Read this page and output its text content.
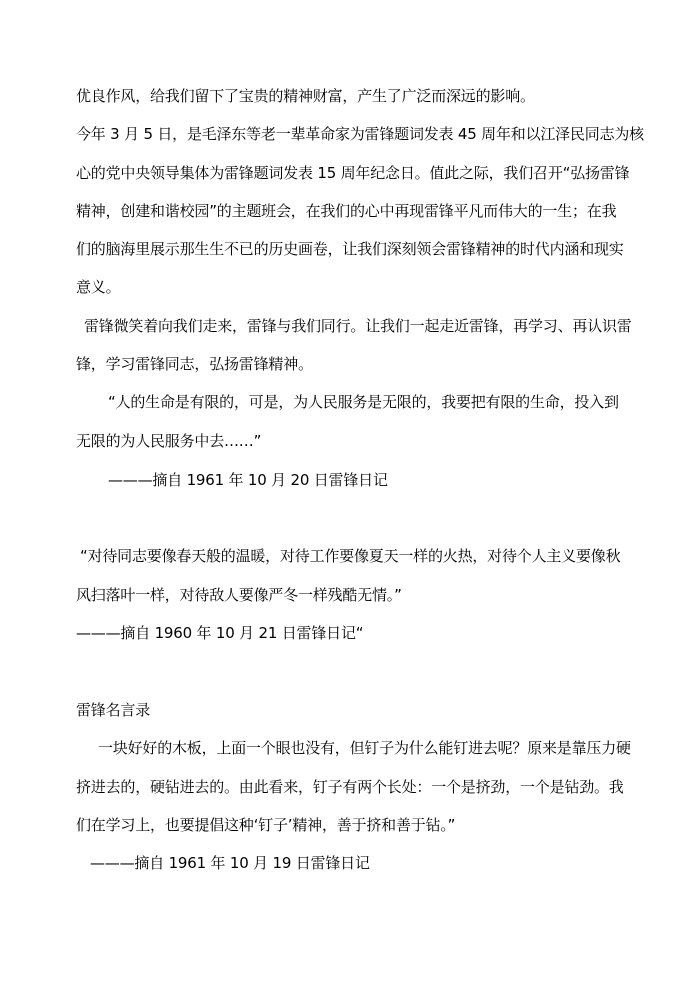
优良作风，给我们留下了宝贵的精神财富，产生了广泛而深远的影响。
今年 3 月 5 日，是毛泽东等老一辈革命家为雷锋题词发表 45 周年和以江泽民同志为核
心的党中央领导集体为雷锋题词发表 15 周年纪念日。值此之际，我们召开“弘扬雷锋
精神，创建和谐校园”的主题班会，在我们的心中再现雷锋平凡而伟大的一生；在我
们的脑海里展示那生生不已的历史画卷，让我们深刻领会雷锋精神的时代内涵和现实
意义。
雷锋微笑着向我们走来，雷锋与我们同行。让我们一起走近雷锋，再学习、再认识雷
锋，学习雷锋同志，弘扬雷锋精神。
“人的生命是有限的，可是，为人民服务是无限的，我要把有限的生命，投入到
无限的为人民服务中去……”
———摘自 1961 年 10 月 20 日雷锋日记
“对待同志要像春天般的温暖，对待工作要像夏天一样的火热，对待个人主义要像秋
风扫落叶一样，对待敌人要像严冬一样残酷无情。”
———摘自 1960 年 10 月 21 日雷锋日记“
雷锋名言录
一块好好的木板，上面一个眼也没有，但钉子为什么能钉进去呢？原来是靠压力硬
挤进去的，硬钻进去的。由此看来，钉子有两个长处：一个是挤劲，一个是钻劲。我
们在学习上，也要提倡这种‘钉子’精神，善于挤和善于钻。”
———摘自 1961 年 10 月 19 日雷锋日记
